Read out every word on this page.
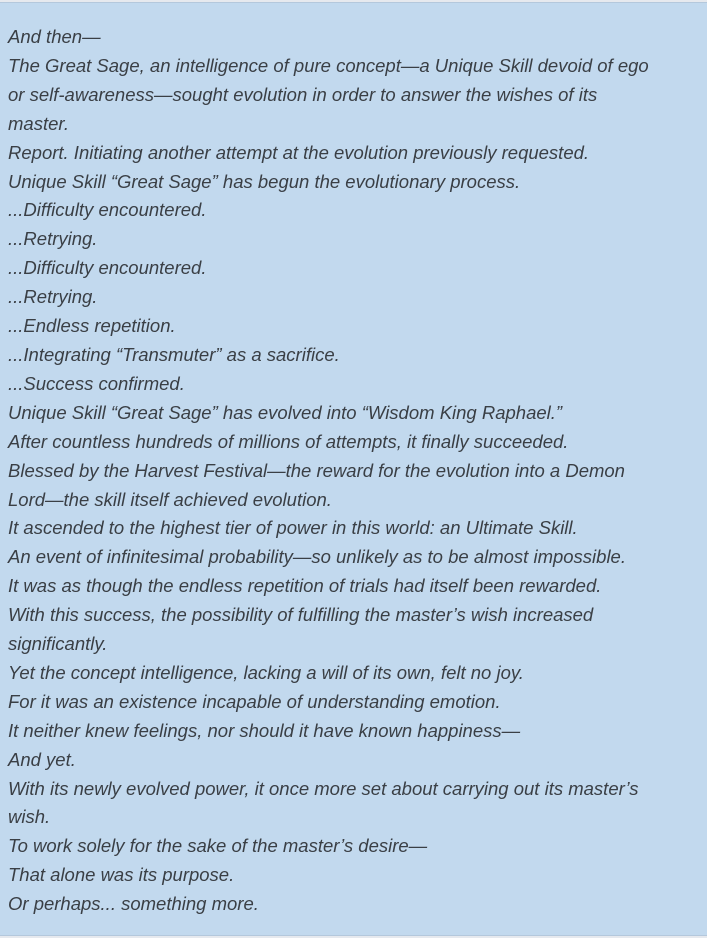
And then—
The Great Sage, an intelligence of pure concept—a Unique Skill devoid of ego
or self-awareness—sought evolution in order to answer the wishes of its
master.
Report. Initiating another attempt at the evolution previously requested.
Unique Skill “Great Sage” has begun the evolutionary process.
...Difficulty encountered.
...Retrying.
...Difficulty encountered.
...Retrying.
...Endless repetition.
...Integrating “Transmuter” as a sacrifice.
...Success confirmed.
Unique Skill “Great Sage” has evolved into “Wisdom King Raphael.”
After countless hundreds of millions of attempts, it finally succeeded.
Blessed by the Harvest Festival—the reward for the evolution into a Demon
Lord—the skill itself achieved evolution.
It ascended to the highest tier of power in this world: an Ultimate Skill.
An event of infinitesimal probability—so unlikely as to be almost impossible.
It was as though the endless repetition of trials had itself been rewarded.
With this success, the possibility of fulfilling the master’s wish increased
significantly.
Yet the concept intelligence, lacking a will of its own, felt no joy.
For it was an existence incapable of understanding emotion.
It neither knew feelings, nor should it have known happiness—
And yet.
With its newly evolved power, it once more set about carrying out its master’s
wish.
To work solely for the sake of the master’s desire—
That alone was its purpose.
Or perhaps... something more.
